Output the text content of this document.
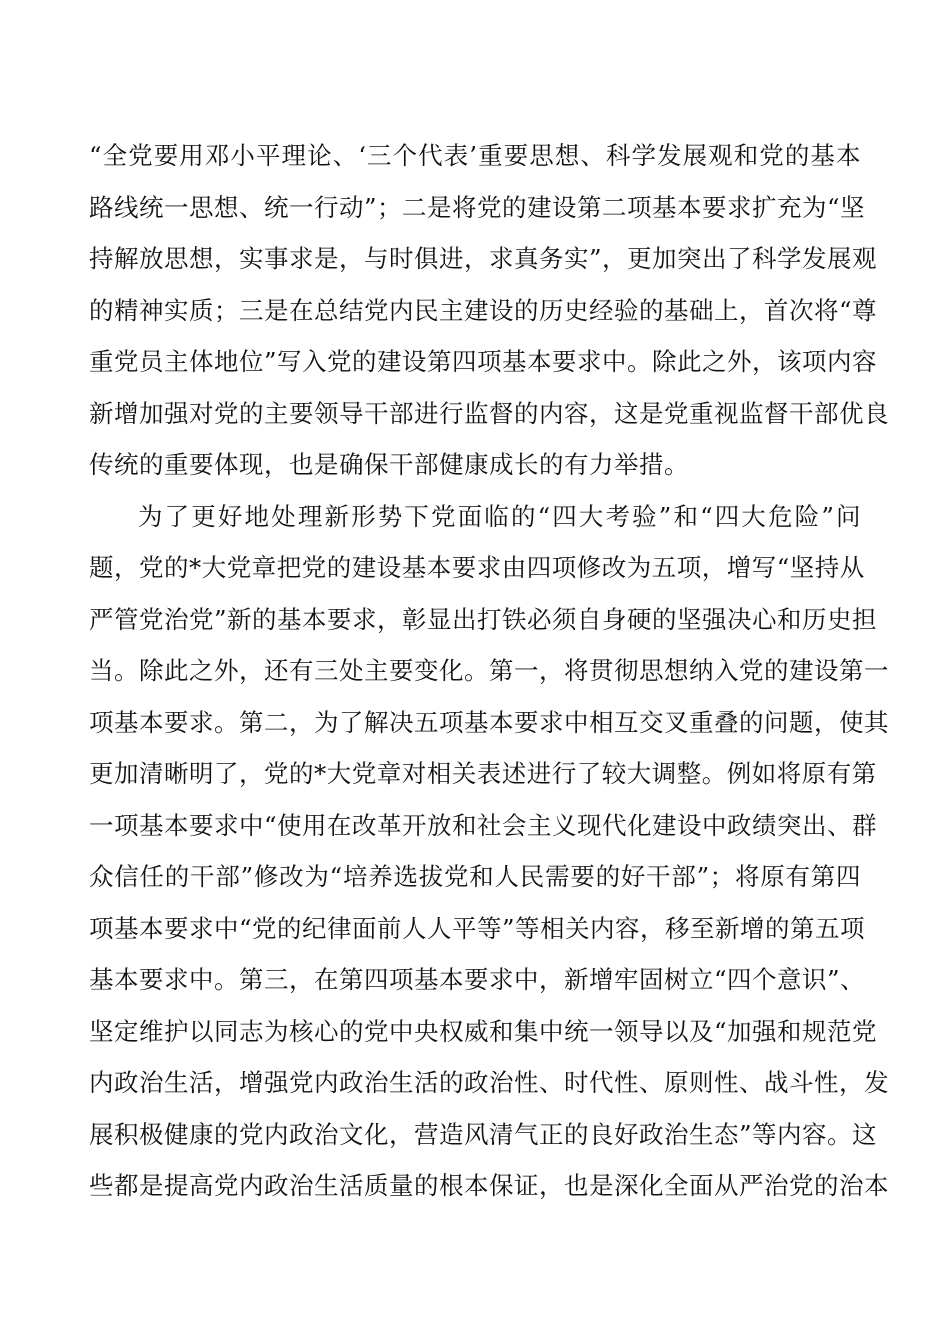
“全党要用邓小平理论、‘三个代表’重要思想、科学发展观和党的基本
路线统一思想、统一行动”；二是将党的建设第二项基本要求扩充为“坚
持解放思想，实事求是，与时俱进，求真务实”，更加突出了科学发展观
的精神实质；三是在总结党内民主建设的历史经验的基础上，首次将“尊
重党员主体地位”写入党的建设第四项基本要求中。除此之外，该项内容
新增加强对党的主要领导干部进行监督的内容，这是党重视监督干部优良
传统的重要体现，也是确保干部健康成长的有力举措。
为了更好地处理新形势下党面临的“四大考验”和“四大危险”问
题，党的*大党章把党的建设基本要求由四项修改为五项，增写“坚持从
严管党治党”新的基本要求，彰显出打铁必须自身硬的坚强决心和历史担
当。除此之外，还有三处主要变化。第一，将贯彻思想纳入党的建设第一
项基本要求。第二，为了解决五项基本要求中相互交叉重叠的问题，使其
更加清晰明了，党的*大党章对相关表述进行了较大调整。例如将原有第
一项基本要求中“使用在改革开放和社会主义现代化建设中政绩突出、群
众信任的干部”修改为“培养选拔党和人民需要的好干部”；将原有第四
项基本要求中“党的纪律面前人人平等”等相关内容，移至新增的第五项
基本要求中。第三，在第四项基本要求中，新增牢固树立“四个意识”、
坚定维护以同志为核心的党中央权威和集中统一领导以及“加强和规范党
内政治生活，增强党内政治生活的政治性、时代性、原则性、战斗性，发
展积极健康的党内政治文化，营造风清气正的良好政治生态”等内容。这
些都是提高党内政治生活质量的根本保证，也是深化全面从严治党的治本
